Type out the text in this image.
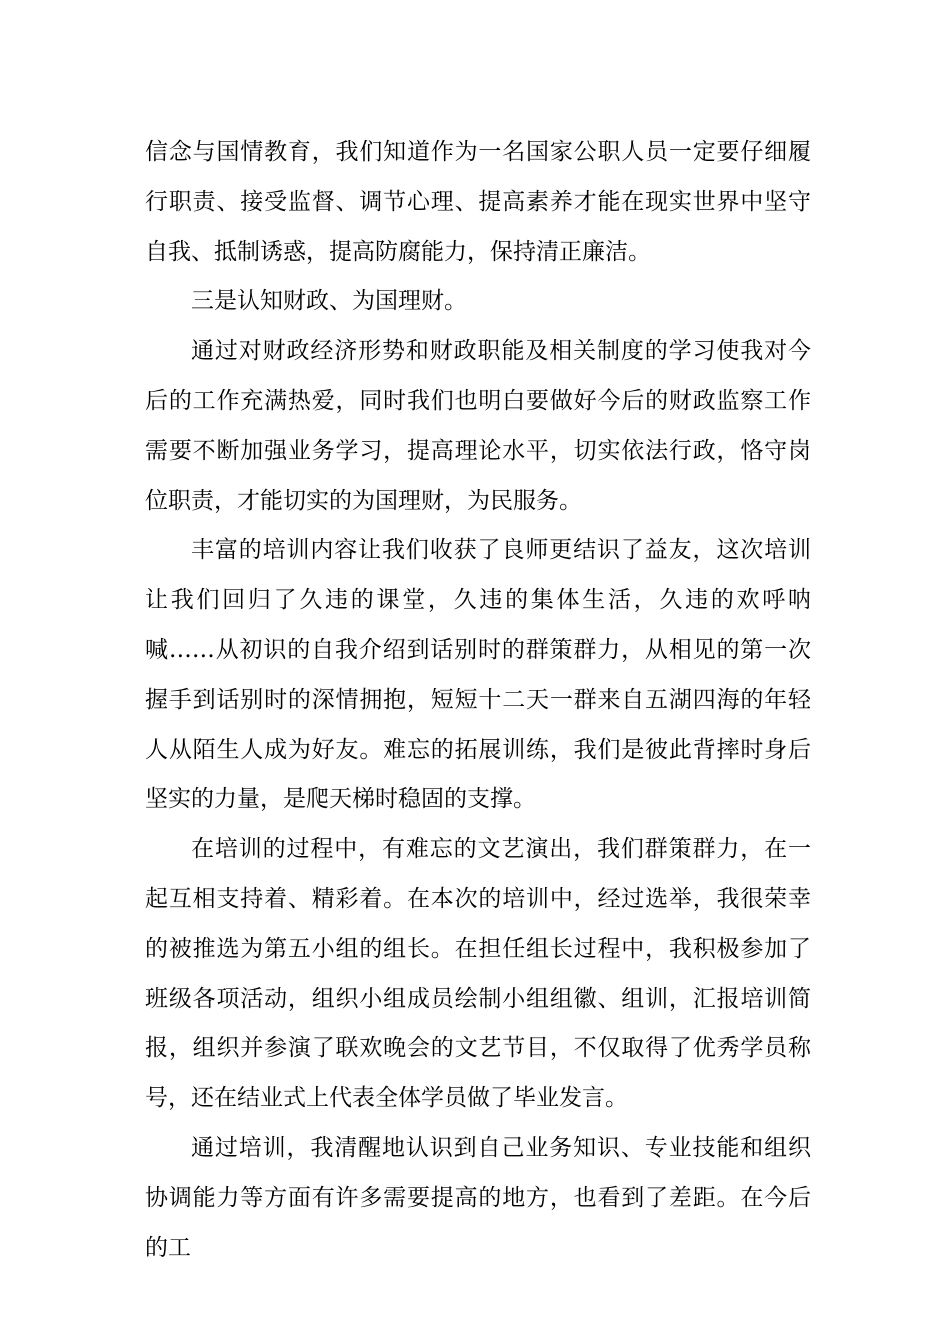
信念与国情教育，我们知道作为一名国家公职人员一定要仔细履行职责、接受监督、调节心理、提高素养才能在现实世界中坚守自我、抵制诱惑，提高防腐能力，保持清正廉洁。

三是认知财政、为国理财。

通过对财政经济形势和财政职能及相关制度的学习使我对今后的工作充满热爱，同时我们也明白要做好今后的财政监察工作需要不断加强业务学习，提高理论水平，切实依法行政，恪守岗位职责，才能切实的为国理财，为民服务。

丰富的培训内容让我们收获了良师更结识了益友，这次培训让我们回归了久违的课堂，久违的集体生活，久违的欢呼呐喊……从初识的自我介绍到话别时的群策群力，从相见的第一次握手到话别时的深情拥抱，短短十二天一群来自五湖四海的年轻人从陌生人成为好友。难忘的拓展训练，我们是彼此背摔时身后坚实的力量，是爬天梯时稳固的支撑。

在培训的过程中，有难忘的文艺演出，我们群策群力，在一起互相支持着、精彩着。在本次的培训中，经过选举，我很荣幸的被推选为第五小组的组长。在担任组长过程中，我积极参加了班级各项活动，组织小组成员绘制小组组徽、组训，汇报培训简报，组织并参演了联欢晚会的文艺节目，不仅取得了优秀学员称号，还在结业式上代表全体学员做了毕业发言。

通过培训，我清醒地认识到自己业务知识、专业技能和组织协调能力等方面有许多需要提高的地方，也看到了差距。在今后的工
